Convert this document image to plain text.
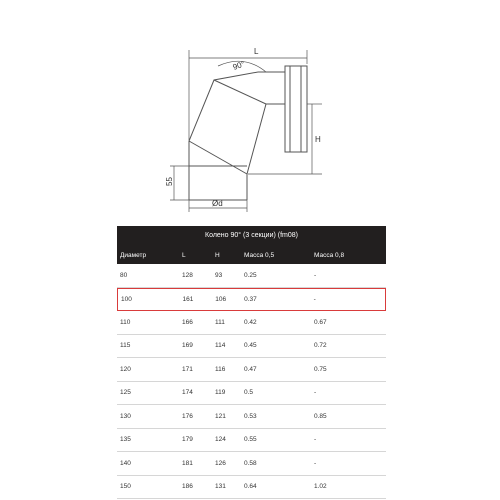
L
90°
H
55
Ød
Колено 90° (3 секции) (fm08)
Диаметр	L	H	Масса 0,5	Масса 0,8
80	128	93	0.25	-
100	161	106	0.37	-
110	166	111	0.42	0.67
115	169	114	0.45	0.72
120	171	116	0.47	0.75
125	174	119	0.5	-
130	176	121	0.53	0.85
135	179	124	0.55	-
140	181	126	0.58	-
150	186	131	0.64	1.02
